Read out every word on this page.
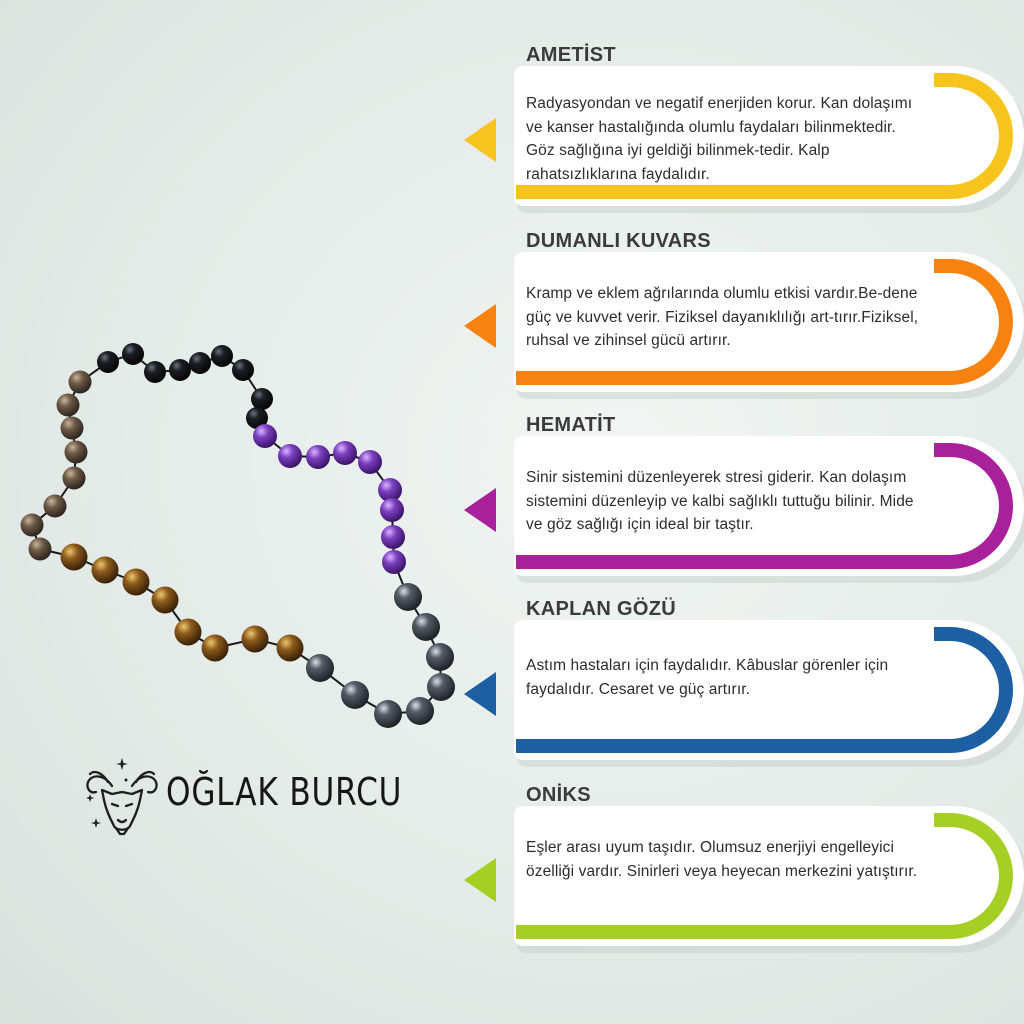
OĞLAK BURCU
AMETİST
Radyasyondan ve negatif enerjiden korur. Kan dolaşımı ve kanser hastalığında olumlu faydaları bilinmektedir. Göz sağlığına iyi geldiği bilinmek-tedir. Kalp rahatsızlıklarına faydalıdır.
DUMANLI KUVARS
Kramp ve eklem ağrılarında olumlu etkisi vardır.Be-dene güç ve kuvvet verir. Fiziksel dayanıklılığı art-tırır.Fiziksel, ruhsal ve zihinsel gücü artırır.
HEMATİT
Sinir sistemini düzenleyerek stresi giderir. Kan dolaşım sistemini düzenleyip ve kalbi sağlıklı tuttuğu bilinir. Mide ve göz sağlığı için ideal bir taştır.
KAPLAN GÖZÜ
Astım hastaları için faydalıdır. Kâbuslar görenler için faydalıdır. Cesaret ve güç artırır.
ONİKS
Eşler arası uyum taşıdır. Olumsuz enerjiyi engelleyici özelliği vardır. Sinirleri veya heyecan merkezini yatıştırır.
